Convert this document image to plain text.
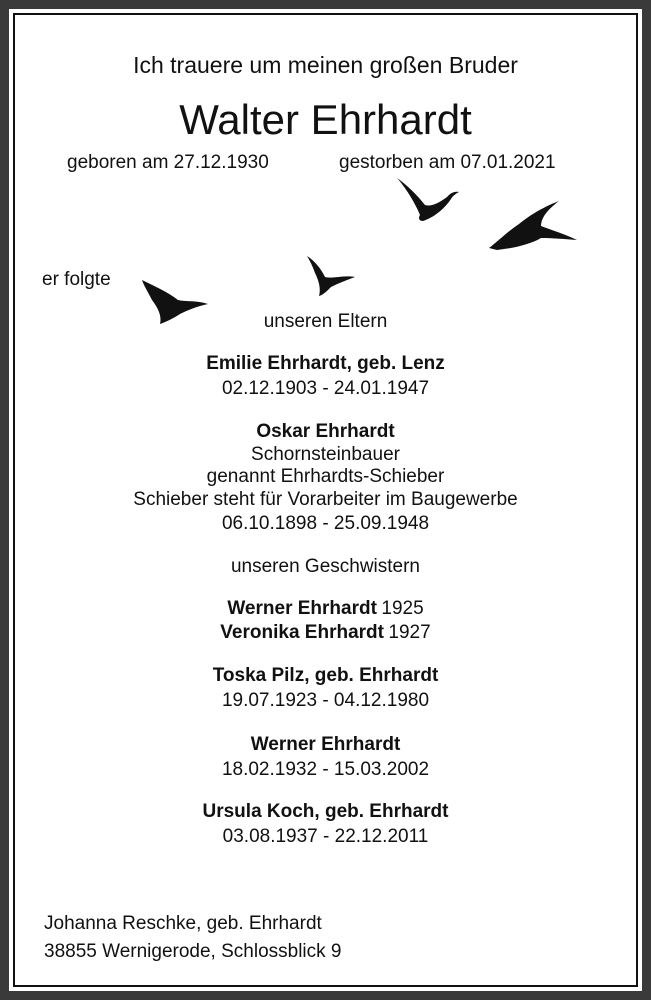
Ich trauere um meinen großen Bruder
Walter Ehrhardt
geboren am 27.12.1930	gestorben am 07.01.2021
er folgte
unseren Eltern
Emilie Ehrhardt, geb. Lenz
02.12.1903 - 24.01.1947
Oskar Ehrhardt
Schornsteinbauer
genannt Ehrhardts-Schieber
Schieber steht für Vorarbeiter im Baugewerbe
06.10.1898 - 25.09.1948
unseren Geschwistern
Werner Ehrhardt 1925
Veronika Ehrhardt 1927
Toska Pilz, geb. Ehrhardt
19.07.1923 - 04.12.1980
Werner Ehrhardt
18.02.1932 - 15.03.2002
Ursula Koch, geb. Ehrhardt
03.08.1937 - 22.12.2011
Johanna Reschke, geb. Ehrhardt
38855 Wernigerode, Schlossblick 9
